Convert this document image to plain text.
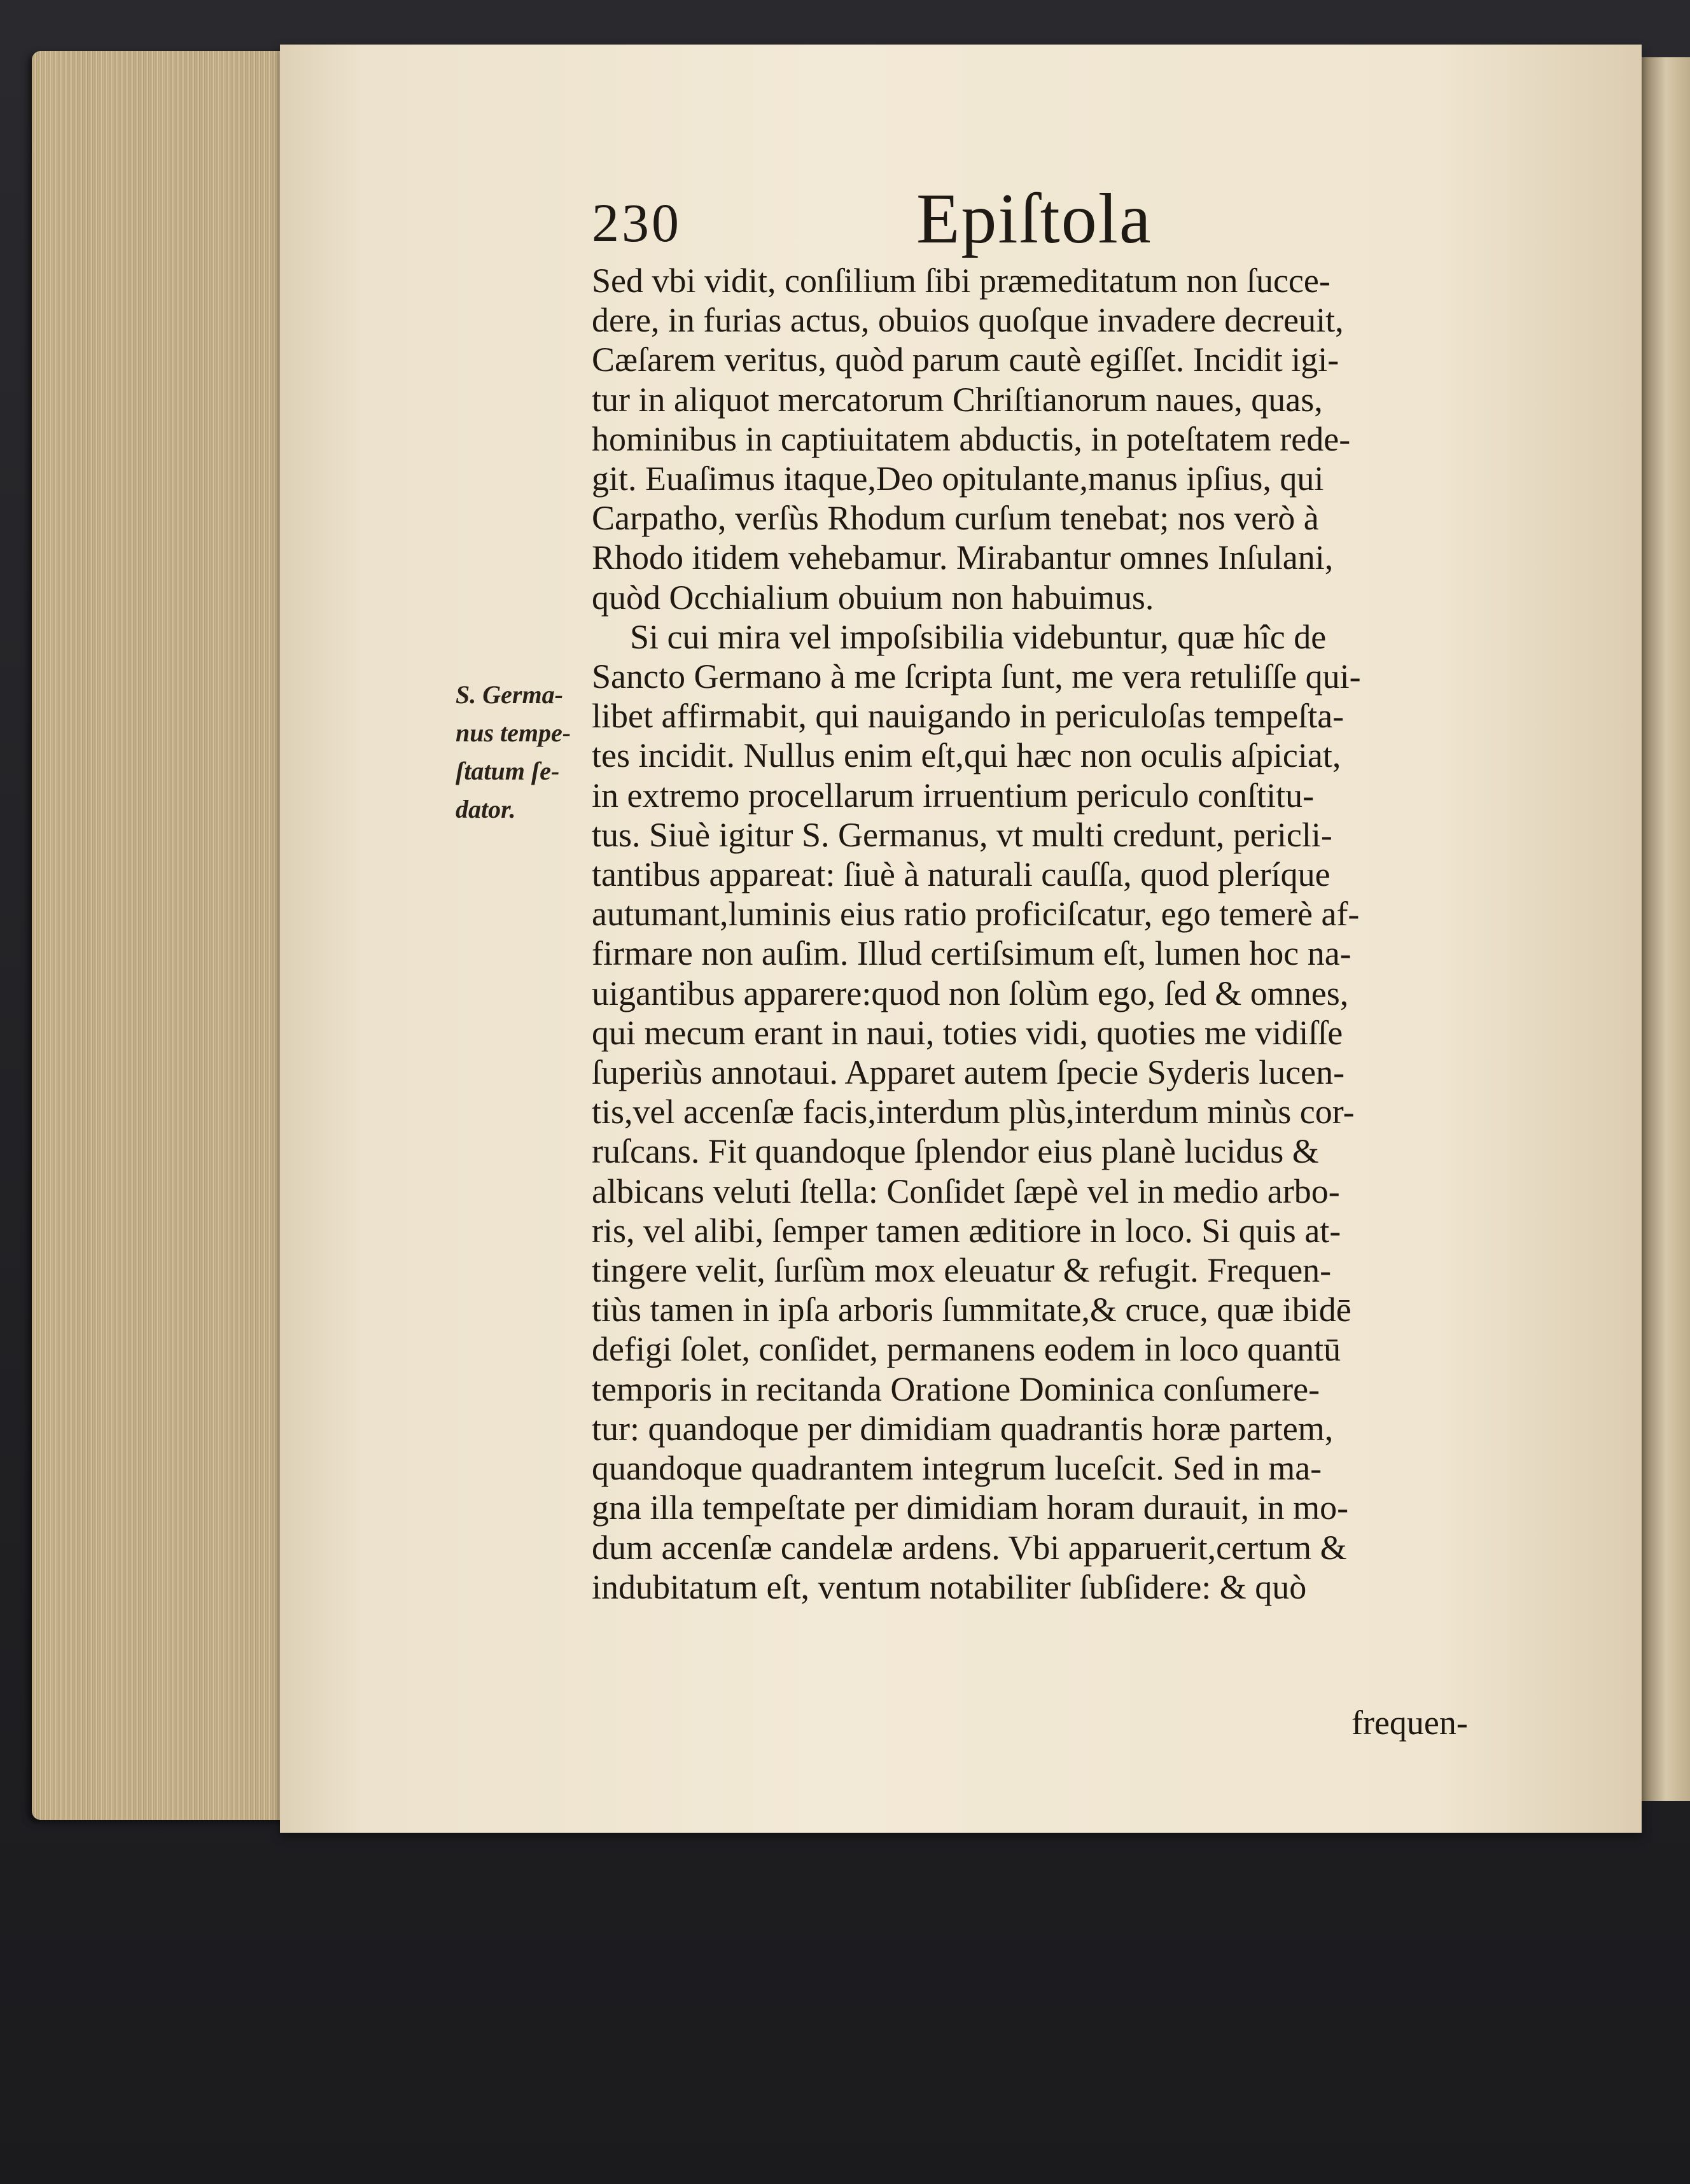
230	Epiſtola
S. Germa-
nus tempe-
ſtatum ſe-
dator.
Sed vbi vidit, conſilium ſibi præmeditatum non ſucce-
dere, in furias actus, obuios quoſque invadere decreuit,
Cæſarem veritus, quòd parum cautè egiſſet. Incidit igi-
tur in aliquot mercatorum Chriſtianorum naues, quas,
hominibus in captiuitatem abductis, in poteſtatem rede-
git. Euaſimus itaque,Deo opitulante,manus ipſius, qui
Carpatho, verſùs Rhodum curſum tenebat; nos verò à
Rhodo itidem vehebamur. Mirabantur omnes Inſulani,
quòd Occhialium obuium non habuimus.
Si cui mira vel impoſsibilia videbuntur, quæ hîc de
Sancto Germano à me ſcripta ſunt, me vera retuliſſe qui-
libet affirmabit, qui nauigando in periculoſas tempeſta-
tes incidit. Nullus enim eſt,qui hæc non oculis aſpiciat,
in extremo procellarum irruentium periculo conſtitu-
tus. Siuè igitur S. Germanus, vt multi credunt, pericli-
tantibus appareat: ſiuè à naturali cauſſa, quod pleríque
autumant,luminis eius ratio proficiſcatur, ego temerè af-
firmare non auſim. Illud certiſsimum eſt, lumen hoc na-
uigantibus apparere:quod non ſolùm ego, ſed & omnes,
qui mecum erant in naui, toties vidi, quoties me vidiſſe
ſuperiùs annotaui. Apparet autem ſpecie Syderis lucen-
tis,vel accenſæ facis,interdum plùs,interdum minùs cor-
ruſcans. Fit quandoque ſplendor eius planè lucidus &
albicans veluti ſtella: Conſidet ſæpè vel in medio arbo-
ris, vel alibi, ſemper tamen æditiore in loco. Si quis at-
tingere velit, ſurſùm mox eleuatur & refugit. Frequen-
tiùs tamen in ipſa arboris ſummitate,& cruce, quæ ibidē
defigi ſolet, conſidet, permanens eodem in loco quantū
temporis in recitanda Oratione Dominica conſumere-
tur: quandoque per dimidiam quadrantis horæ partem,
quandoque quadrantem integrum luceſcit. Sed in ma-
gna illa tempeſtate per dimidiam horam durauit, in mo-
dum accenſæ candelæ ardens. Vbi apparuerit,certum &
indubitatum eſt, ventum notabiliter ſubſidere: & quò
frequen-
